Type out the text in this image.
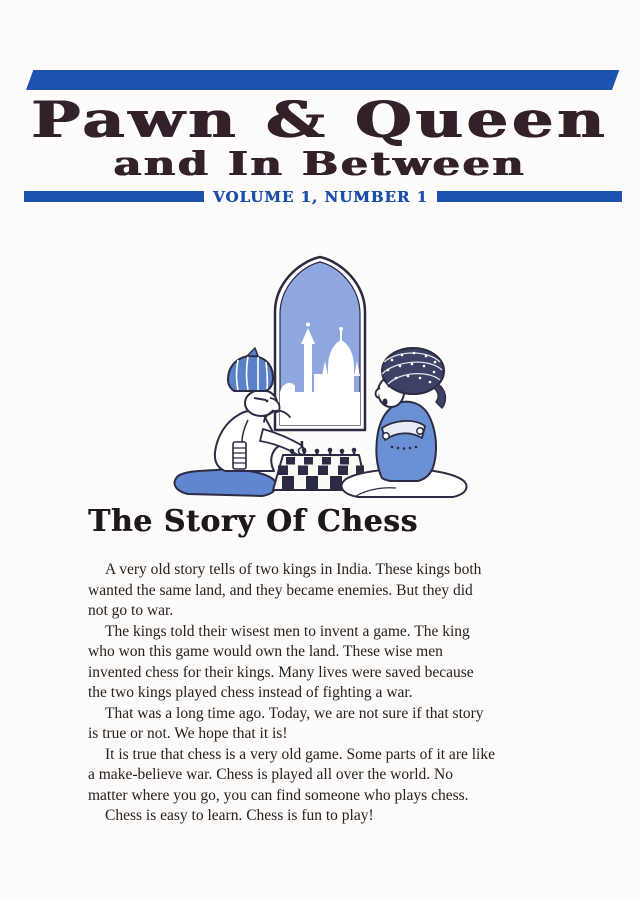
Pawn & Queen
and In Between
VOLUME 1, NUMBER 1
The Story Of Chess
A very old story tells of two kings in India. These kings both
wanted the same land, and they became enemies. But they did
not go to war.
The kings told their wisest men to invent a game. The king
who won this game would own the land. These wise men
invented chess for their kings. Many lives were saved because
the two kings played chess instead of fighting a war.
That was a long time ago. Today, we are not sure if that story
is true or not. We hope that it is!
It is true that chess is a very old game. Some parts of it are like
a make-believe war. Chess is played all over the world. No
matter where you go, you can find someone who plays chess.
Chess is easy to learn. Chess is fun to play!
